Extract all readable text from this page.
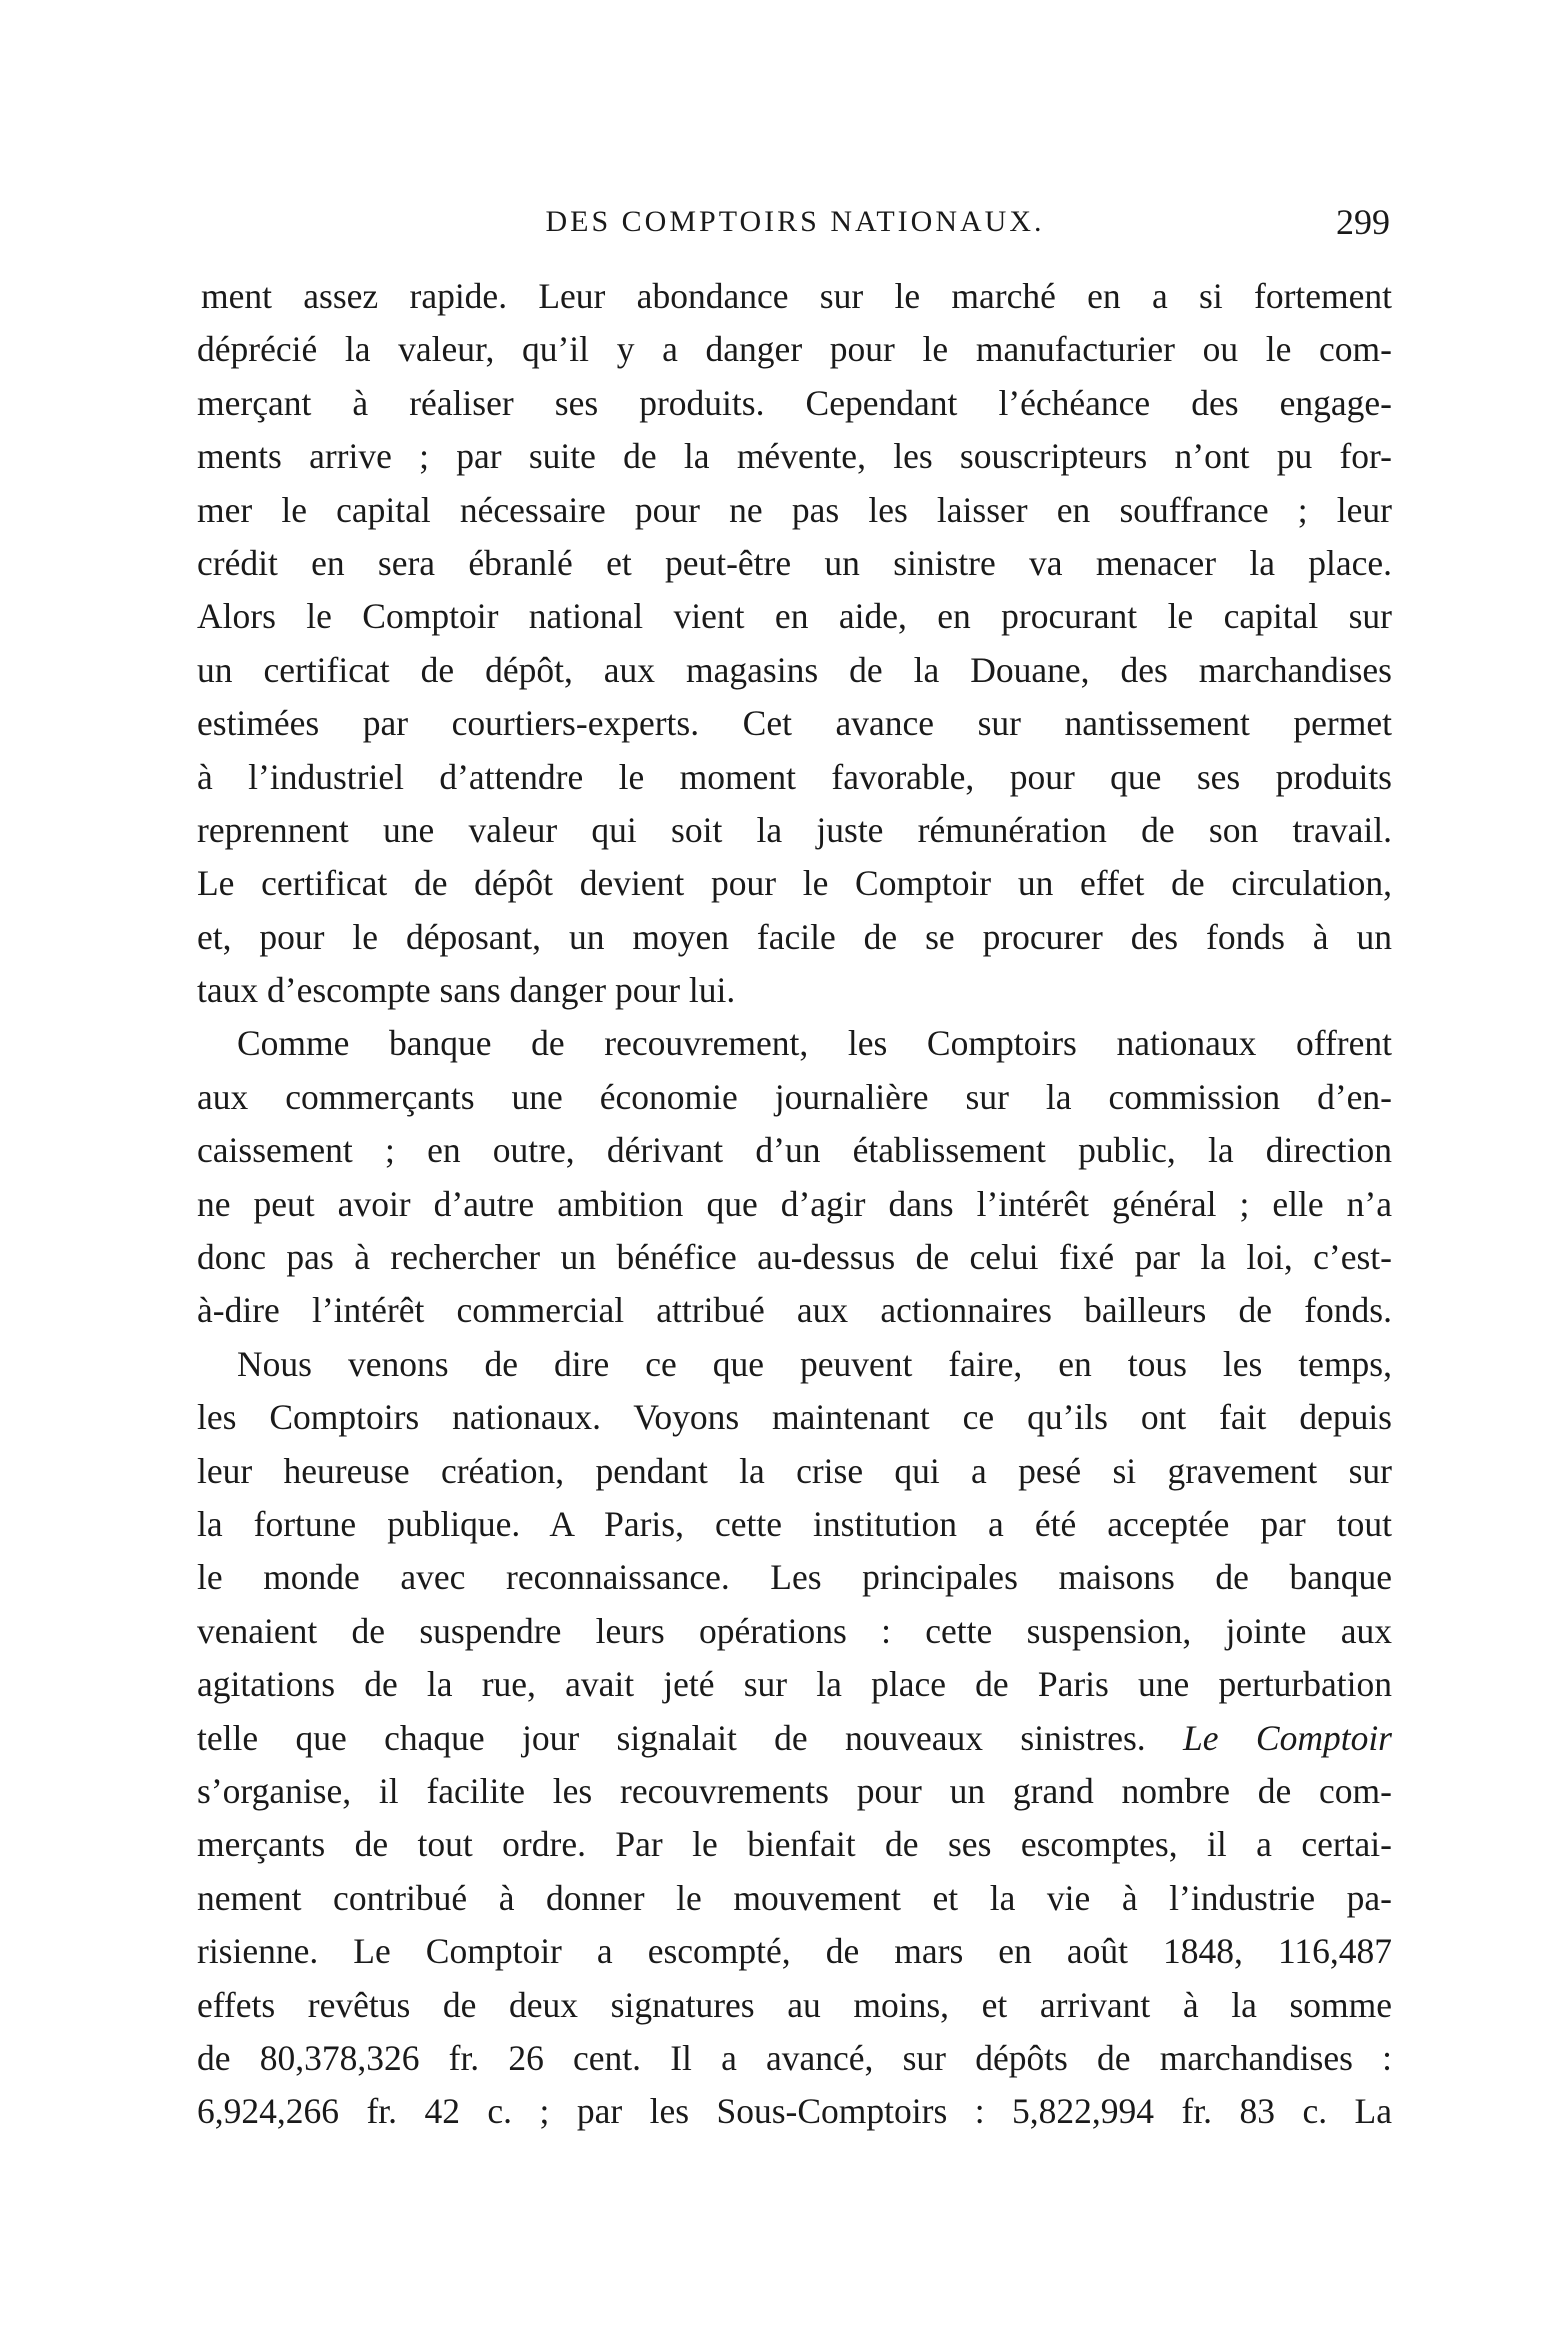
DES COMPTOIRS NATIONAUX.	299
ment assez rapide. Leur abondance sur le marché en a si fortement
déprécié la valeur, qu’il y a danger pour le manufacturier ou le com-
merçant à réaliser ses produits. Cependant l’échéance des engage-
ments arrive ; par suite de la mévente, les souscripteurs n’ont pu for-
mer le capital nécessaire pour ne pas les laisser en souffrance ; leur
crédit en sera ébranlé et peut-être un sinistre va menacer la place.
Alors le Comptoir national vient en aide, en procurant le capital sur
un certificat de dépôt, aux magasins de la Douane, des marchandises
estimées par courtiers-experts. Cet avance sur nantissement permet
à l’industriel d’attendre le moment favorable, pour que ses produits
reprennent une valeur qui soit la juste rémunération de son travail.
Le certificat de dépôt devient pour le Comptoir un effet de circulation,
et, pour le déposant, un moyen facile de se procurer des fonds à un
taux d’escompte sans danger pour lui.
Comme banque de recouvrement, les Comptoirs nationaux offrent
aux commerçants une économie journalière sur la commission d’en-
caissement ; en outre, dérivant d’un établissement public, la direction
ne peut avoir d’autre ambition que d’agir dans l’intérêt général ; elle n’a
donc pas à rechercher un bénéfice au-dessus de celui fixé par la loi, c’est-
à-dire l’intérêt commercial attribué aux actionnaires bailleurs de fonds.
Nous venons de dire ce que peuvent faire, en tous les temps,
les Comptoirs nationaux. Voyons maintenant ce qu’ils ont fait depuis
leur heureuse création, pendant la crise qui a pesé si gravement sur
la fortune publique. A Paris, cette institution a été acceptée par tout
le monde avec reconnaissance. Les principales maisons de banque
venaient de suspendre leurs opérations : cette suspension, jointe aux
agitations de la rue, avait jeté sur la place de Paris une perturbation
telle que chaque jour signalait de nouveaux sinistres. Le Comptoir
s’organise, il facilite les recouvrements pour un grand nombre de com-
merçants de tout ordre. Par le bienfait de ses escomptes, il a certai-
nement contribué à donner le mouvement et la vie à l’industrie pa-
risienne. Le Comptoir a escompté, de mars en août 1848, 116,487
effets revêtus de deux signatures au moins, et arrivant à la somme
de 80,378,326 fr. 26 cent. Il a avancé, sur dépôts de marchandises :
6,924,266 fr. 42 c. ; par les Sous-Comptoirs : 5,822,994 fr. 83 c. La
